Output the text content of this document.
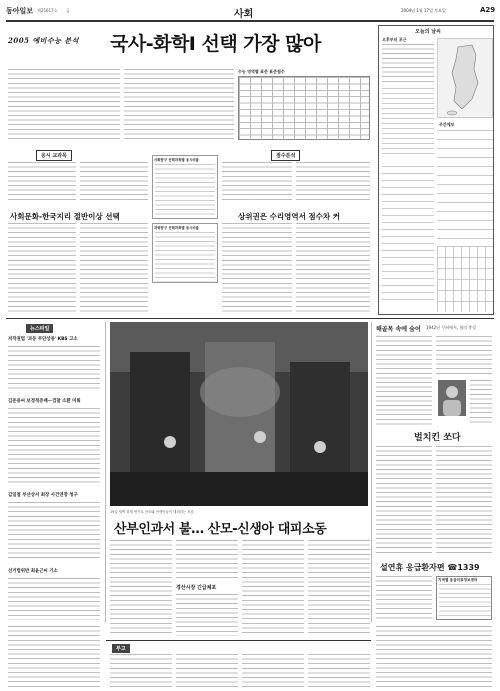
동아일보 제25617호 금	사회	2004년 1월 17일 토요일	A29
2005 예비수능 분석 국사-화학Ⅰ 선택 가장 많아
수능 영역별 표준 표준점수
응시 교과목	점수분석
사회탐구 선택과목별 응시비율
과학탐구 선택과목별 응시비율
사회문화-한국지리 절반이상 선택	상위권은 수리영역서 점수차 커
오늘의 날씨
오후부터 포근
주간예보
뉴스파일
저작권법 '과동 무단상용' KBS 고소
김준용씨 보정적증배ー검찰 소환 미뤄
김일철 부산상서 최장 사건연장 청구
선거법위반 최윤근씨 기소
19일 새벽 화재 연기로 산모와 신생아들이 대피하는 모습
산부인과서 불… 산모-신생아 대피소동
경산시장 긴급체포
해골목 속에 숨어 1942년 무허에서, 혐의 충성
벌치킨 쏘다
설연휴 응급환자편 ☎1339
지역별 응급의료정보센터
부고
